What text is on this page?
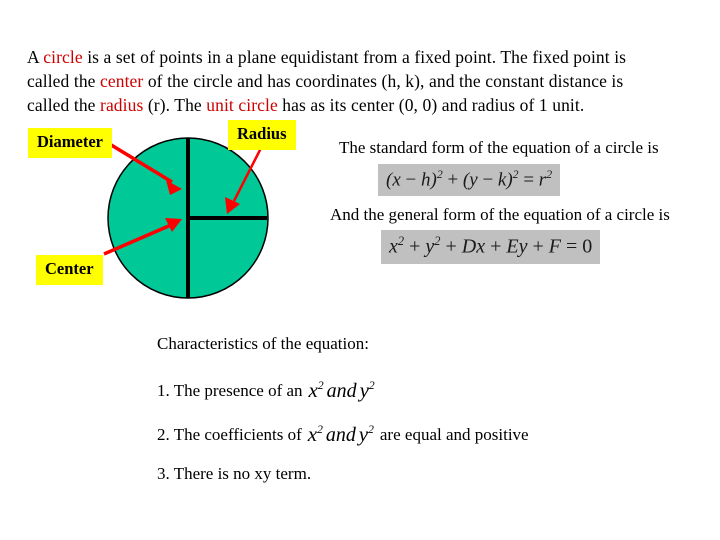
A circle is a set of points in a plane equidistant from a fixed point. The fixed point is
called the center of the circle and has coordinates (h, k), and the constant distance is
called the radius (r). The unit circle has as its center (0, 0) and radius of 1 unit.
Diameter	Radius
Center
The standard form of the equation of a circle is
$(x - h)^2 + (y - k)^2 = r^2$
And the general form of the equation of a circle is
$x^2 + y^2 + Dx + Ey + F = 0$
Characteristics of the equation:
1. The presence of an $x^2$ and $y^2$
2. The coefficients of $x^2$ and $y^2$ are equal and positive
3. There is no xy term.
